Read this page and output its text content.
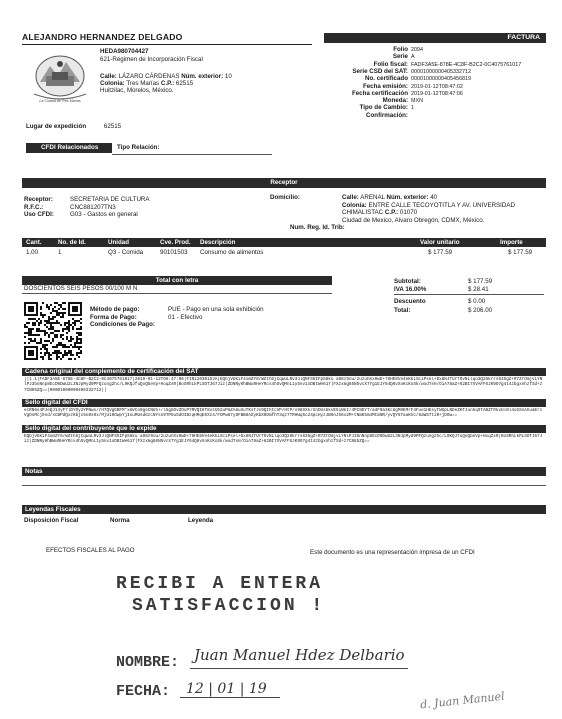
ALEJANDRO HERNANDEZ DELGADO	FACTURA
La Ciudad de Tres Marías
HEDA980704427
621-Régimen de Incorporación Fiscal
Calle: LÁZARO CÁRDENAS Núm. exterior: 10
Colonia: Tres Marías C.P.: 62515
Huitzilac, Morelos, México.
Lugar de expedición	62515
Folio 2094
Serie A
Folio fiscal: FADF3A5E-878E-4C8F-B2C2-0C4075761017
Serie CSD del SAT: 00001000000405332712
No. certificado 00001000000405456819
Fecha emisión: 2019-01-12T08:47:02
Fecha certificación 2019-01-12T08:47:06
Moneda: MXN
Tipo de Cambio: 1
Confirmación:
CFDI Relacionados	Tipo Relación:
Receptor
Receptor:	SECRETARIA DE CULTURA
R.F.C.:	CNC881207TN3
Uso CFDI:	G03 - Gastos en general
Domicilio:	Calle: ARENAL Núm. exterior: 40
Colonia: ENTRE CALLE TECOYOTITLA Y AV. UNIVERSIDAD CHIMALISTAC C.P.: 01070
Ciudad de Mexico, Alvaro Obregón, CDMX, México.
Num. Reg. Id. Trib:
Cant.	No. de Id.	Unidad	Cve. Prod. Descripción	Valor unitario	Importe
1.00	1	Q3 - Comida	90101503 Consumo de alimentos	$ 177.59	$ 177.59
Total con letra
DOSCIENTOS SEIS PESOS 00/100 M N
Subtotal:	$ 177.59
IVA 16.00%	$ 28.41
Descuento	$ 0.00
Total:	$ 206.00
Método de pago:	PUE - Pago en una sola exhibición
Forma de Pago:	01 - Efectivo
Condiciones de Pago:
Cadena original del complemento de certificación del SAT
||1.1|FADF3A5E-878E-4C8F-B2C2-0C4075761017|2019-01-12T08:47:06|FIN120301SJA|EQbjVbKiF4xmZY8/WZthbjCqwuLRv3JlQNFS5IFp56ku a98z9cw/2uzuhXx0wD+76HE8Ve4eKkiSciPsel+Dx8NJTUrfOvNLlqo3Q28krrs635gZ+R7ZrOmjvLYNlPJ3bnNnp8EcD0DwU2L3NJpMyd9PFQzung2hc/L9KQJfuQoQbeVp+HoqZsR|BoSRhLkPLSOTJ67Jiz|ZDNNyHhBWuRHeYRcs4hSvQMnL1y5nv1xDBtWe617|FXzxmg66N5vcX7Yg1EJY94Q6vXoKcKoSk/wodTsH/OiA78aZ+62BI7XVAFF6JK9O7g4t4zbgxnhzfSd+z7CN65ZQ==|00001000000405332712||
Sello digital del CFDI
ecRN6s4PJeQJ14yF7lDYOy2YPNws/rH7QVgGBFM*xmVCo0geCNUh+/l5gGOvZOuP7RVQI6T8vzU52uPmZA8uXuTKsTJs9QIhtcVP/HtP/x98SXk/XnDUsbkvE5iNkI/4PI8EYT/a4F0a3KcUgMHEMrF4Fue1HEsyfWGpLNDeZKTJunhq9fABZfRkvUl0l4oGSnAhuaErcVgOsMcj9sd/sCBPdQxzKbjc5n0s0x/MjU19OwpYjIxuMUsdGzcNYsn9TP5uSdOIBzqHMqE0Xz4/FOPwU7y8FBB8AZyKbX0DmfhT3qz7TRHWq5c24pcHyzJB9nJh6x2M+tNmK5m4MtmNR/yvQY6TaaKVc/6aWS7tiR+jDOw==
Sello digital del contribuyente que lo expide
EQbjVbKiF4xmZY8/WZthbjCqwuLRv3JlQNFS5IFp56ku a98z9cw/2uzuhXx0wD+76HE8Ve4eKkiSciPsel+Dx8NJTUrfOvNLlqo3Q28krrs635gZ+R7ZrOmjvLYNlPJ3bnNnp8EcD0DwU2L3NJpMyd9PFQzung2hc/L9KQJfuQoQbeVp+HoqZsR|BoSRhLkPLSOTJ67Jiz|ZDNNyHhBWuRHeYRcs4hSvQMnL1y5nv1xDBtWe617|FXzxmg66N5vcX7Yg1EJY94Q6vXoKcKoSk/wodTsH/OiA78aZ+62BI7XVAFF6JK9O7g4t4zbgxnhzfSd+z7CN65ZQ==
Notas
Leyendas Fiscales
Disposición Fiscal	Norma	Leyenda
EFECTOS FISCALES AL PAGO	Este documento es una representación impresa de un CFDI
RECIBI A ENTERA
SATISFACCION !
NOMBRE: Juan Manuel Hdez Delbario
FECHA: 12 | 01 | 19
d. Juan Manuel
